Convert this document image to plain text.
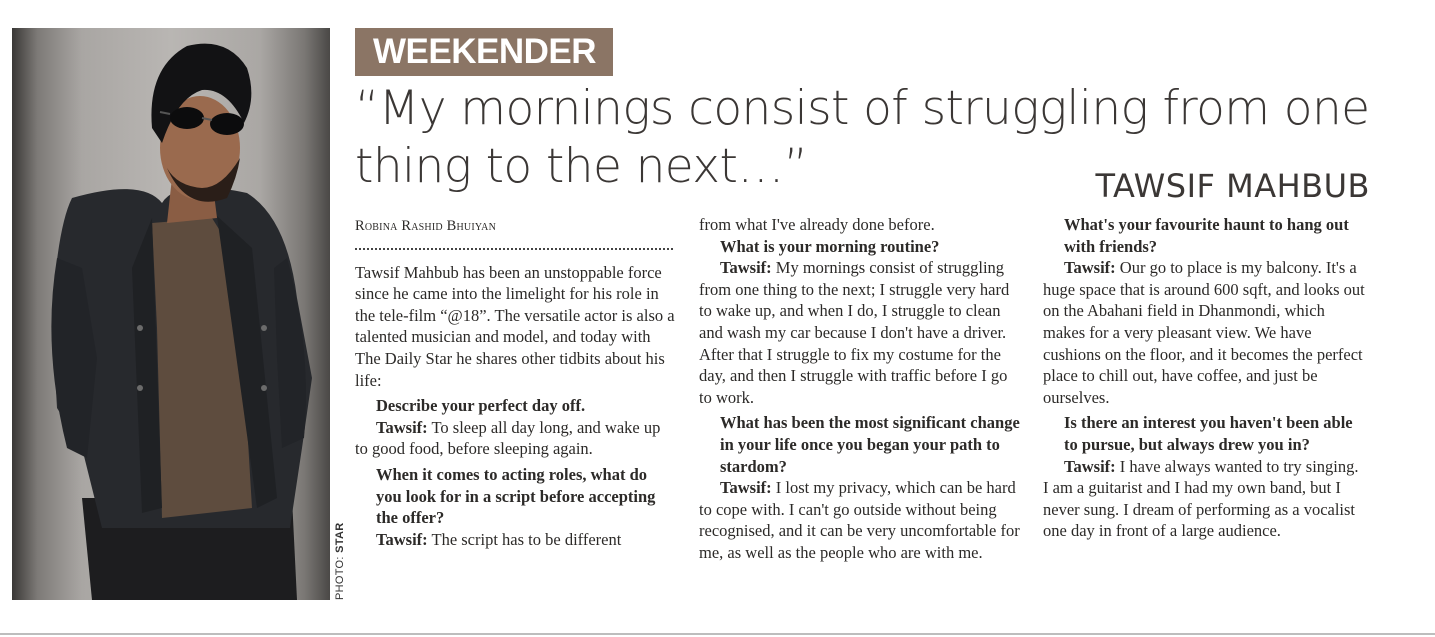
PHOTO: STAR
WEEKENDER
“My mornings consist of struggling from one thing to the next…”	TAWSIF MAHBUB
Robina Rashid Bhuiyan

Tawsif Mahbub has been an unstoppable force since he came into the limelight for his role in the tele-film “@18”. The versatile actor is also a talented musician and model, and today with The Daily Star he shares other tidbits about his life:

Describe your perfect day off.

Tawsif: To sleep all day long, and wake up to good food, before sleeping again.

When it comes to acting roles, what do you look for in a script before accepting the offer?

Tawsif: The script has to be different

from what I've already done before.

What is your morning routine?

Tawsif: My mornings consist of struggling from one thing to the next; I struggle very hard to wake up, and when I do, I struggle to clean and wash my car because I don't have a driver. After that I struggle to fix my costume for the day, and then I struggle with traffic before I go to work.

What has been the most significant change in your life once you began your path to stardom?

Tawsif: I lost my privacy, which can be hard to cope with. I can't go outside without being recognised, and it can be very uncomfortable for me, as well as the people who are with me.

What's your favourite haunt to hang out with friends?

Tawsif: Our go to place is my balcony. It's a huge space that is around 600 sqft, and looks out on the Abahani field in Dhanmondi, which makes for a very pleasant view. We have cushions on the floor, and it becomes the perfect place to chill out, have coffee, and just be ourselves.

Is there an interest you haven't been able to pursue, but always drew you in?

Tawsif: I have always wanted to try singing. I am a guitarist and I had my own band, but I never sung. I dream of performing as a vocalist one day in front of a large audience.
